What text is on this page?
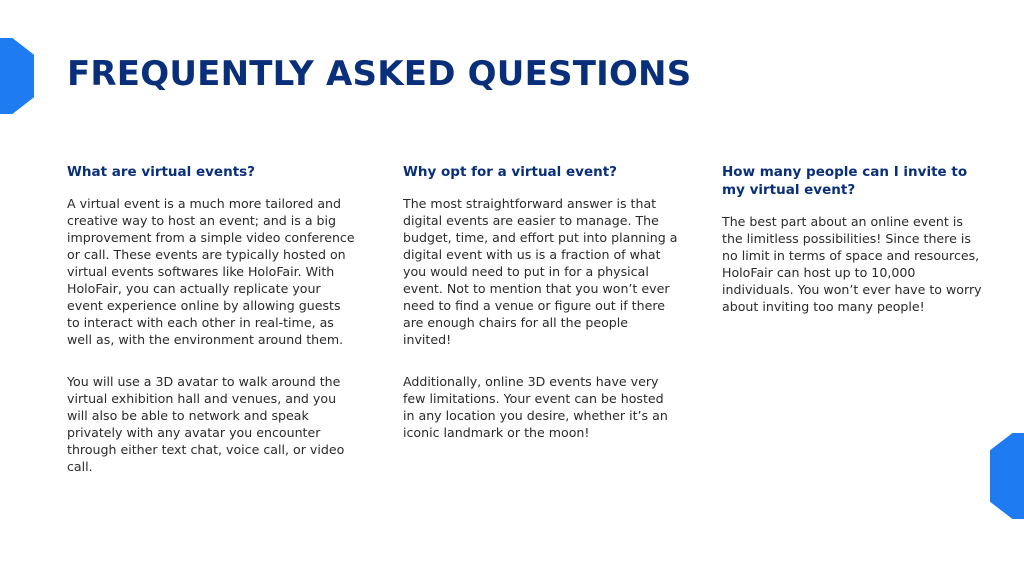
FREQUENTLY ASKED QUESTIONS
What are virtual events?

A virtual event is a much more tailored and creative way to host an event; and is a big improvement from a simple video conference or call. These events are typically hosted on virtual events softwares like HoloFair. With HoloFair, you can actually replicate your event experience online by allowing guests to interact with each other in real-time, as well as, with the environment around them.

You will use a 3D avatar to walk around the virtual exhibition hall and venues, and you will also be able to network and speak privately with any avatar you encounter through either text chat, voice call, or video call.

Why opt for a virtual event?

The most straightforward answer is that digital events are easier to manage. The budget, time, and effort put into planning a digital event with us is a fraction of what you would need to put in for a physical event. Not to mention that you won’t ever need to find a venue or figure out if there are enough chairs for all the people invited!

Additionally, online 3D events have very few limitations. Your event can be hosted in any location you desire, whether it’s an iconic landmark or the moon!

How many people can I invite to my virtual event?

The best part about an online event is the limitless possibilities! Since there is no limit in terms of space and resources, HoloFair can host up to 10,000 individuals. You won’t ever have to worry about inviting too many people!
